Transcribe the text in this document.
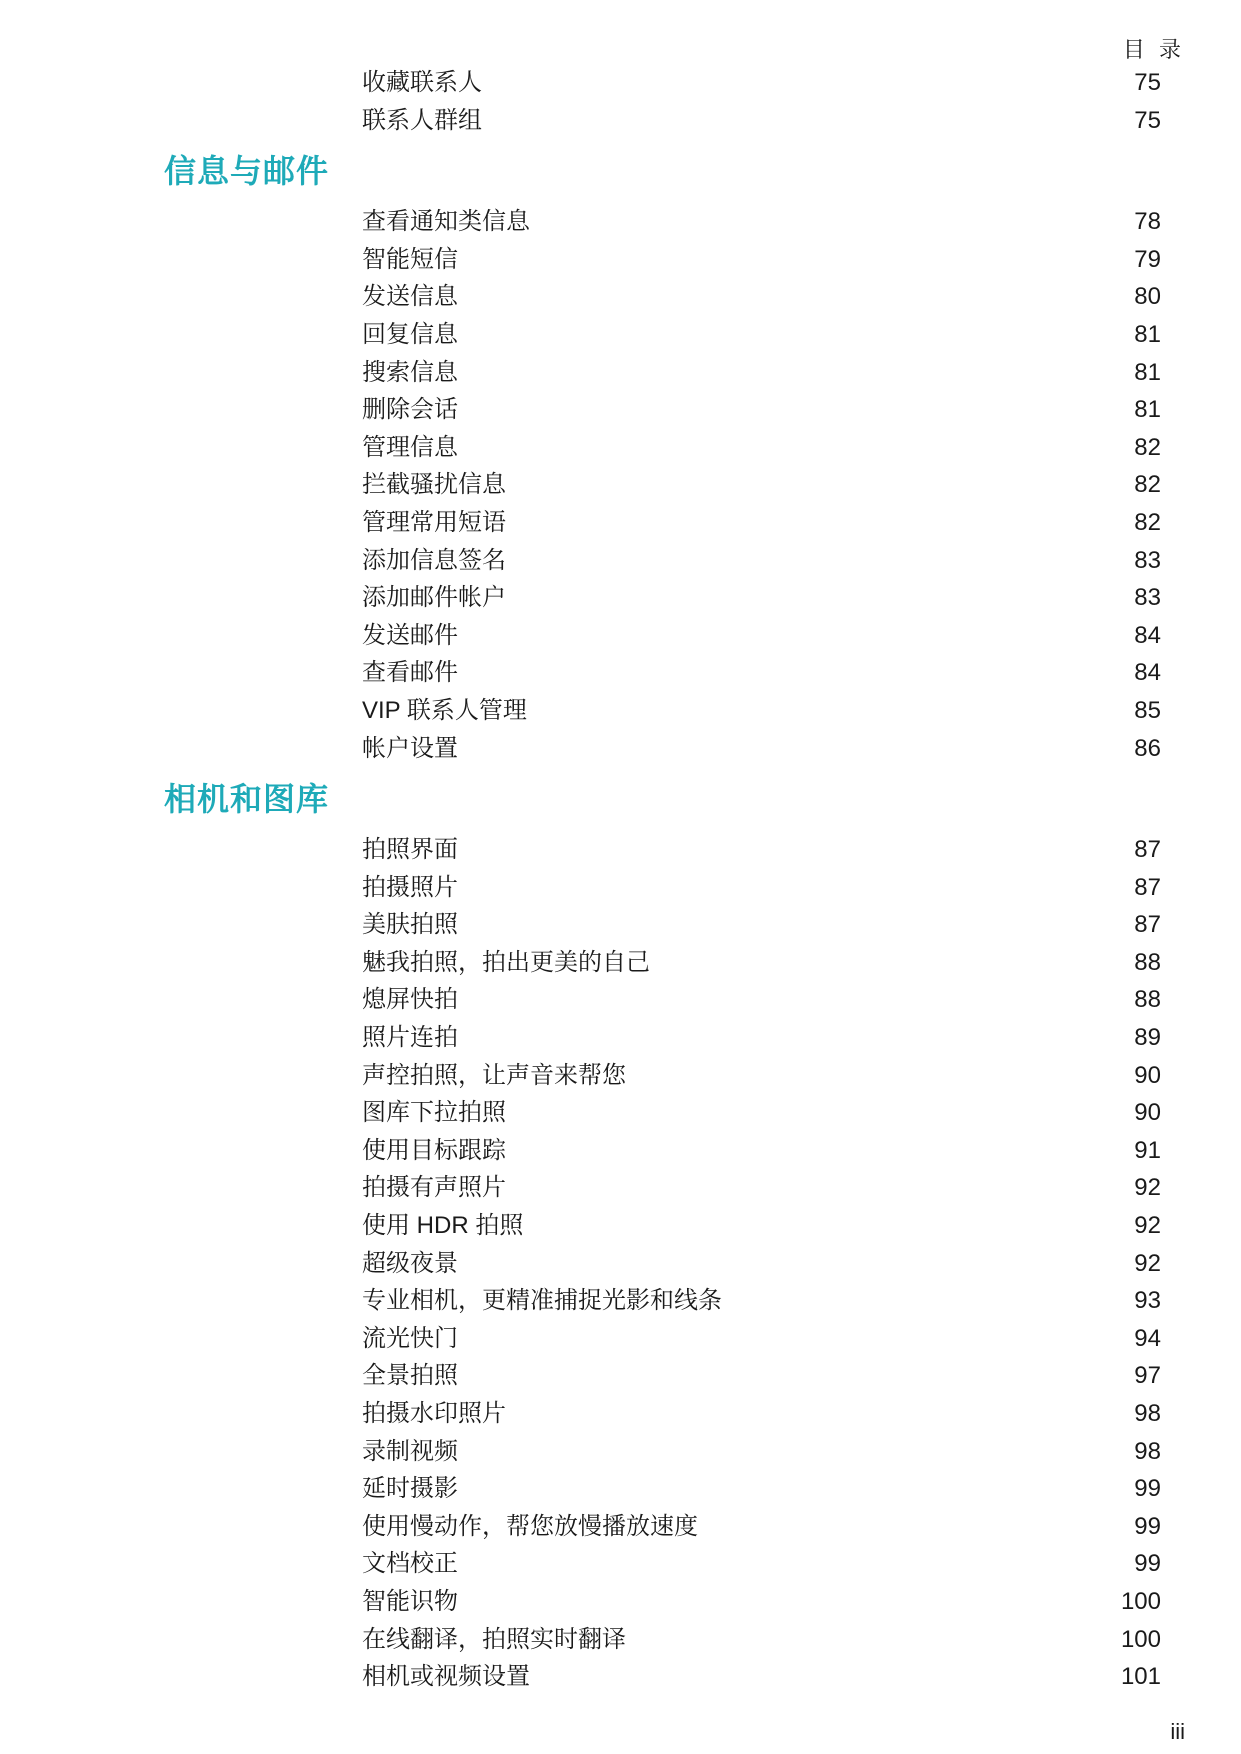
目 录
收藏联系人	75
联系人群组	75
信息与邮件
查看通知类信息	78
智能短信	79
发送信息	80
回复信息	81
搜索信息	81
删除会话	81
管理信息	82
拦截骚扰信息	82
管理常用短语	82
添加信息签名	83
添加邮件帐户	83
发送邮件	84
查看邮件	84
VIP 联系人管理	85
帐户设置	86
相机和图库
拍照界面	87
拍摄照片	87
美肤拍照	87
魅我拍照，拍出更美的自己	88
熄屏快拍	88
照片连拍	89
声控拍照，让声音来帮您	90
图库下拉拍照	90
使用目标跟踪	91
拍摄有声照片	92
使用 HDR 拍照	92
超级夜景	92
专业相机，更精准捕捉光影和线条	93
流光快门	94
全景拍照	97
拍摄水印照片	98
录制视频	98
延时摄影	99
使用慢动作，帮您放慢播放速度	99
文档校正	99
智能识物	100
在线翻译，拍照实时翻译	100
相机或视频设置	101
iii
